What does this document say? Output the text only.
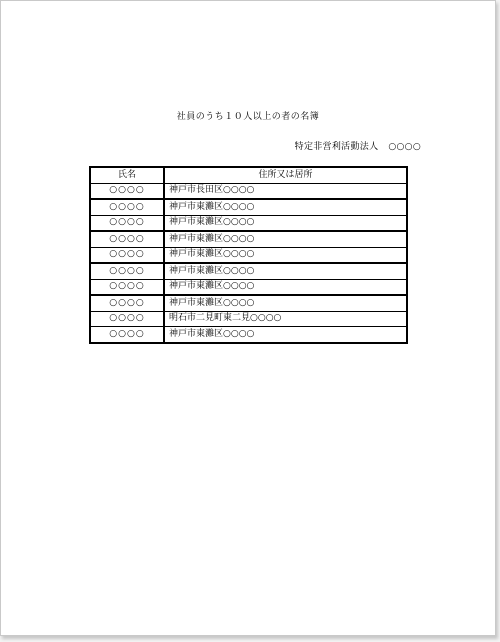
社員のうち１０人以上の者の名簿
特定非営利活動法人 ○○○○
氏名	住所又は居所
○○○○	神戸市長田区○○○○
○○○○	神戸市東灘区○○○○
○○○○	神戸市東灘区○○○○
○○○○	神戸市東灘区○○○○
○○○○	神戸市東灘区○○○○
○○○○	神戸市東灘区○○○○
○○○○	神戸市東灘区○○○○
○○○○	神戸市東灘区○○○○
○○○○	明石市二見町東二見○○○○
○○○○	神戸市東灘区○○○○
